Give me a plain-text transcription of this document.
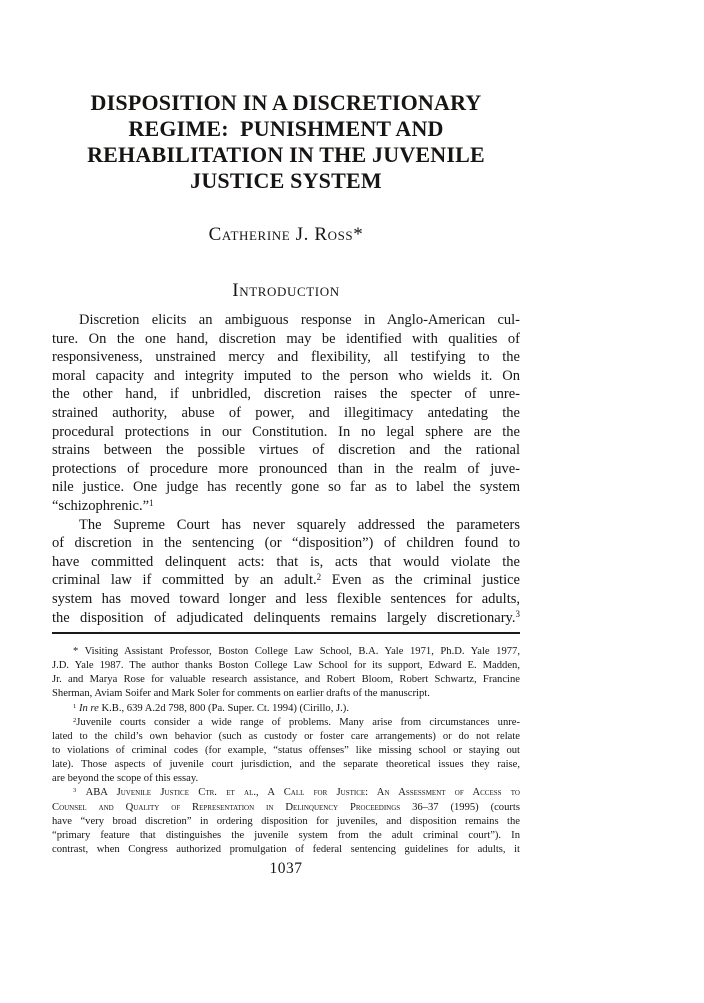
DISPOSITION IN A DISCRETIONARY
REGIME:  PUNISHMENT AND
REHABILITATION IN THE JUVENILE
JUSTICE SYSTEM
Catherine J. Ross*
Introduction
Discretion elicits an ambiguous response in Anglo-American cul-
ture. On the one hand, discretion may be identified with qualities of
responsiveness, unstrained mercy and flexibility, all testifying to the
moral capacity and integrity imputed to the person who wields it. On
the other hand, if unbridled, discretion raises the specter of unre-
strained authority, abuse of power, and illegitimacy antedating the
procedural protections in our Constitution. In no legal sphere are the
strains between the possible virtues of discretion and the rational
protections of procedure more pronounced than in the realm of juve-
nile justice. One judge has recently gone so far as to label the system
“schizophrenic.”$^1$
The Supreme Court has never squarely addressed the parameters
of discretion in the sentencing (or “disposition”) of children found to
have committed delinquent acts: that is, acts that would violate the
criminal law if committed by an adult.$^2$ Even as the criminal justice
system has moved toward longer and less flexible sentences for adults,
the disposition of adjudicated delinquents remains largely discretionary.$^3$
* Visiting Assistant Professor, Boston College Law School, B.A. Yale 1971, Ph.D. Yale 1977,
J.D. Yale 1987. The author thanks Boston College Law School for its support, Edward E. Madden,
Jr. and Marya Rose for valuable research assistance, and Robert Bloom, Robert Schwartz, Francine
Sherman, Aviam Soifer and Mark Soler for comments on earlier drafts of the manuscript.
$^1$ In re K.B., 639 A.2d 798, 800 (Pa. Super. Ct. 1994) (Cirillo, J.).
$^2$Juvenile courts consider a wide range of problems. Many arise from circumstances unre-
lated to the child’s own behavior (such as custody or foster care arrangements) or do not relate
to violations of criminal codes (for example, “status offenses” like missing school or staying out
late). Those aspects of juvenile court jurisdiction, and the separate theoretical issues they raise,
are beyond the scope of this essay.
$^3$ ABA Juvenile Justice Ctr. et al., A Call for Justice: An Assessment of Access to
Counsel and Quality of Representation in Delinquency Proceedings 36–37 (1995) (courts
have “very broad discretion” in ordering disposition for juveniles, and disposition remains the
“primary feature that distinguishes the juvenile system from the adult criminal court”). In
contrast, when Congress authorized promulgation of federal sentencing guidelines for adults, it
1037
